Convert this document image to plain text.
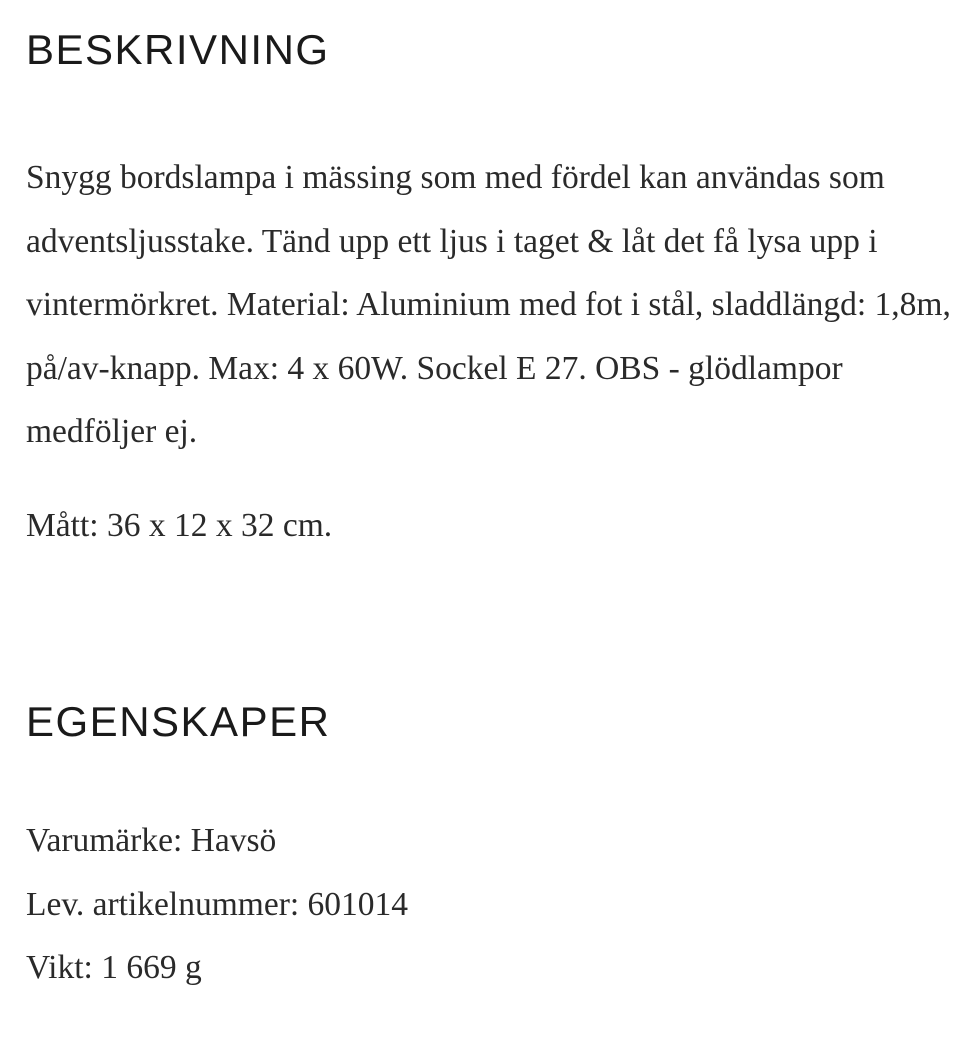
BESKRIVNING

Snygg bordslampa i mässing som med fördel kan användas som adventsljusstake. Tänd upp ett ljus i taget & låt det få lysa upp i vintermörkret. Material: Aluminium med fot i stål, sladdlängd: 1,8m, på/av-knapp. Max: 4 x 60W. Sockel E 27. OBS - glödlampor medföljer ej.

Mått: 36 x 12 x 32 cm.

EGENSKAPER
Varumärke: Havsö
Lev. artikelnummer: 601014
Vikt: 1 669 g
